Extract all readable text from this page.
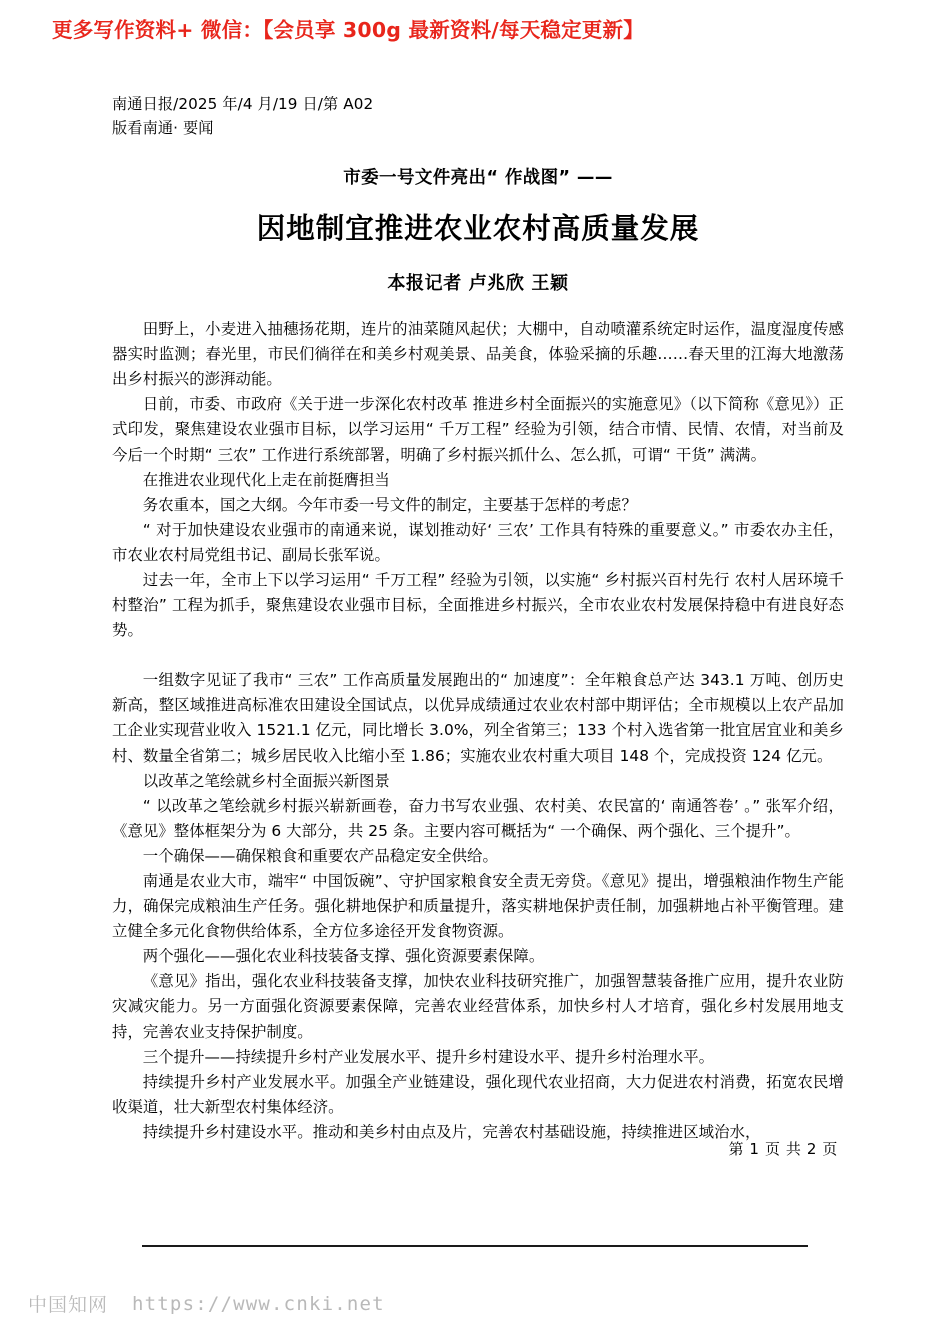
更多写作资料+ 微信：【会员享 300g 最新资料/每天稳定更新】
南通日报/2025 年/4 月/19 日/第 A02
版看南通· 要闻
市委一号文件亮出“ 作战图” ——
因地制宜推进农业农村高质量发展
本报记者 卢兆欣 王颖

田野上，小麦进入抽穗扬花期，连片的油菜随风起伏；大棚中，自动喷灌系统定时运作，温度湿度传感器实时监测；春光里，市民们徜徉在和美乡村观美景、品美食，体验采摘的乐趣……春天里的江海大地激荡出乡村振兴的澎湃动能。

日前，市委、市政府《关于进一步深化农村改革 推进乡村全面振兴的实施意见》（以下简称《意见》）正式印发，聚焦建设农业强市目标，以学习运用“ 千万工程” 经验为引领，结合市情、民情、农情，对当前及今后一个时期“ 三农” 工作进行系统部署，明确了乡村振兴抓什么、怎么抓，可谓“ 干货” 满满。

在推进农业现代化上走在前挺膺担当

务农重本，国之大纲。今年市委一号文件的制定，主要基于怎样的考虑？

“ 对于加快建设农业强市的南通来说，谋划推动好‘ 三农’ 工作具有特殊的重要意义。” 市委农办主任，市农业农村局党组书记、副局长张军说。

过去一年，全市上下以学习运用“ 千万工程” 经验为引领，以实施“ 乡村振兴百村先行 农村人居环境千村整治” 工程为抓手，聚焦建设农业强市目标，全面推进乡村振兴，全市农业农村发展保持稳中有进良好态势。

一组数字见证了我市“ 三农” 工作高质量发展跑出的“ 加速度”：全年粮食总产达 343.1 万吨、创历史新高，整区域推进高标准农田建设全国试点，以优异成绩通过农业农村部中期评估；全市规模以上农产品加工企业实现营业收入 1521.1 亿元，同比增长 3.0%，列全省第三；133 个村入选省第一批宜居宜业和美乡村、数量全省第二；城乡居民收入比缩小至 1.86；实施农业农村重大项目 148 个，完成投资 124 亿元。

以改革之笔绘就乡村全面振兴新图景

“ 以改革之笔绘就乡村振兴崭新画卷，奋力书写农业强、农村美、农民富的‘ 南通答卷’ 。” 张军介绍，《意见》整体框架分为 6 大部分，共 25 条。主要内容可概括为“ 一个确保、两个强化、三个提升”。

一个确保——确保粮食和重要农产品稳定安全供给。

南通是农业大市，端牢“ 中国饭碗”、守护国家粮食安全责无旁贷。《意见》提出，增强粮油作物生产能力，确保完成粮油生产任务。强化耕地保护和质量提升，落实耕地保护责任制，加强耕地占补平衡管理。建立健全多元化食物供给体系，全方位多途径开发食物资源。

两个强化——强化农业科技装备支撑、强化资源要素保障。

《意见》指出，强化农业科技装备支撑，加快农业科技研究推广，加强智慧装备推广应用，提升农业防灾减灾能力。另一方面强化资源要素保障，完善农业经营体系，加快乡村人才培育，强化乡村发展用地支持，完善农业支持保护制度。

三个提升——持续提升乡村产业发展水平、提升乡村建设水平、提升乡村治理水平。

持续提升乡村产业发展水平。加强全产业链建设，强化现代农业招商，大力促进农村消费，拓宽农民增收渠道，壮大新型农村集体经济。

持续提升乡村建设水平。推动和美乡村由点及片，完善农村基础设施，持续推进区域治水，

第 1 页 共 2 页
中国知网 https://www.cnki.net
